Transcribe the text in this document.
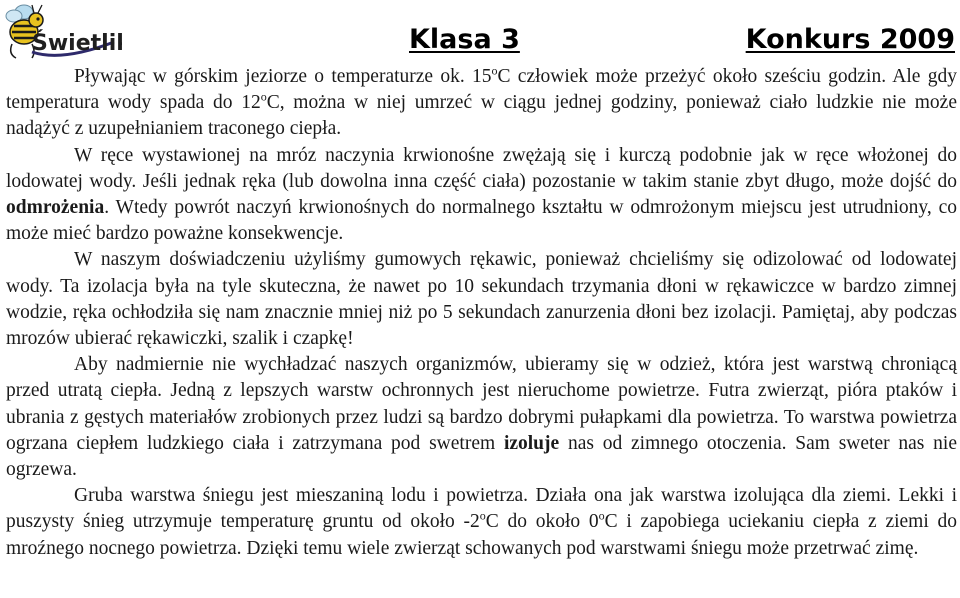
Świetlik	Klasa 3	Konkurs 2009

Pływając w górskim jeziorze o temperaturze ok. 15$^o$C człowiek może przeżyć około sześciu godzin. Ale gdy temperatura wody spada do 12$^o$C, można w niej umrzeć w ciągu jednej godziny, ponieważ ciało ludzkie nie może nadążyć z uzupełnianiem traconego ciepła.

W ręce wystawionej na mróz naczynia krwionośne zwężają się i kurczą podobnie jak w ręce włożonej do lodowatej wody. Jeśli jednak ręka (lub dowolna inna część ciała) pozostanie w takim stanie zbyt długo, może dojść do odmrożenia. Wtedy powrót naczyń krwionośnych do normalnego kształtu w odmrożonym miejscu jest utrudniony, co może mieć bardzo poważne konsekwencje.

W naszym doświadczeniu użyliśmy gumowych rękawic, ponieważ chcieliśmy się odizolować od lodowatej wody. Ta izolacja była na tyle skuteczna, że nawet po 10 sekundach trzymania dłoni w rękawiczce w bardzo zimnej wodzie, ręka ochłodziła się nam znacznie mniej niż po 5 sekundach zanurzenia dłoni bez izolacji. Pamiętaj, aby podczas mrozów ubierać rękawiczki, szalik i czapkę!

Aby nadmiernie nie wychładzać naszych organizmów, ubieramy się w odzież, która jest warstwą chroniącą przed utratą ciepła. Jedną z lepszych warstw ochronnych jest nieruchome powietrze. Futra zwierząt, pióra ptaków i ubrania z gęstych materiałów zrobionych przez ludzi są bardzo dobrymi pułapkami dla powietrza. To warstwa powietrza ogrzana ciepłem ludzkiego ciała i zatrzymana pod swetrem izoluje nas od zimnego otoczenia. Sam sweter nas nie ogrzewa.

Gruba warstwa śniegu jest mieszaniną lodu i powietrza. Działa ona jak warstwa izolująca dla ziemi. Lekki i puszysty śnieg utrzymuje temperaturę gruntu od około -2$^o$C do około 0$^o$C i zapobiega uciekaniu ciepła z ziemi do mroźnego nocnego powietrza. Dzięki temu wiele zwierząt schowanych pod warstwami śniegu może przetrwać zimę.
